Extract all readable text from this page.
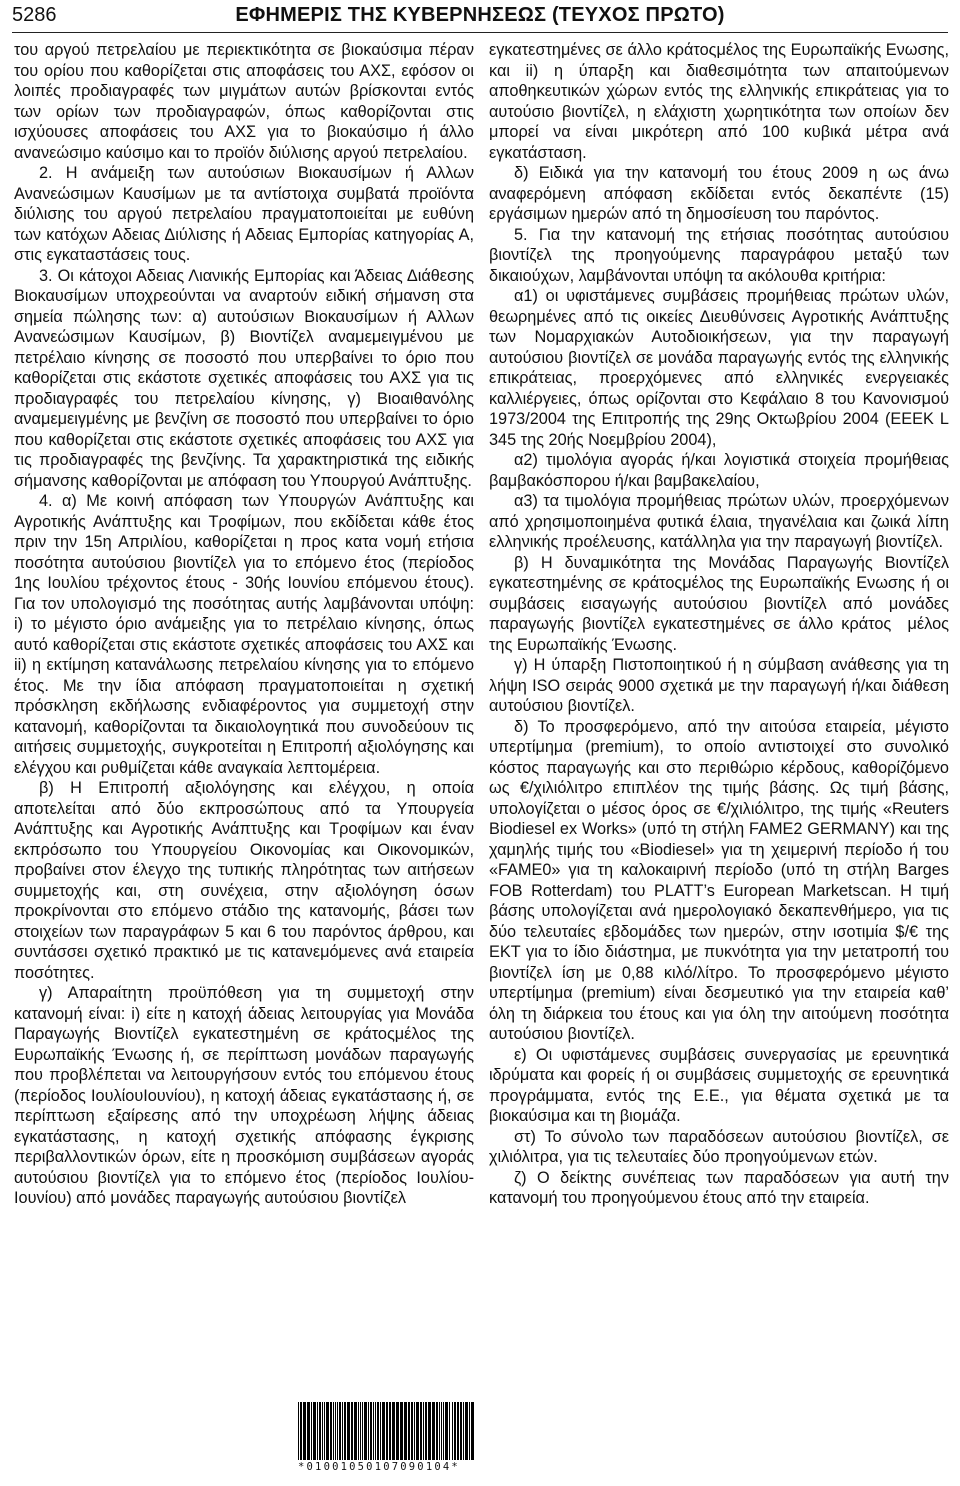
5286	ΕΦΗΜΕΡΙΣ ΤΗΣ ΚΥΒΕΡΝΗΣΕΩΣ (ΤΕΥΧΟΣ ΠΡΩΤΟ)

του αργού πετρελαίου με περιεκτικότητα σε βιοκαύσιμα πέραν του ορίου που καθορίζεται στις αποφάσεις του ΑΧΣ, εφόσον οι λοιπές προδιαγραφές των μιγμάτων αυτών βρίσκονται εντός των ορίων των προδιαγραφών, όπως καθορίζονται στις ισχύουσες αποφάσεις του ΑΧΣ για το βιοκαύσιμο ή άλλο ανανεώσιμο καύσιμο και το προϊόν διύλισης αργού πετρελαίου.

2. Η ανάμειξη των αυτούσιων Βιοκαυσίμων ή Αλλων Ανανεώσιμων Καυσίμων με τα αντίστοιχα συμβατά προϊόντα διύλισης του αργού πετρελαίου πραγματοποιείται με ευθύνη των κατόχων Αδειας Διύλισης ή Αδειας Εμπορίας κατηγορίας Α, στις εγκαταστάσεις τους.

3. Οι κάτοχοι Αδειας Λιανικής Εμπορίας και Άδειας Διάθεσης Βιοκαυσίμων υποχρεούνται να αναρτούν ειδική σήμανση στα σημεία πώλησης των: α) αυτούσιων Βιοκαυσίμων ή Αλλων Ανανεώσιμων Καυσίμων, β) Βιοντίζελ αναμεμειγμένου με πετρέλαιο κίνησης σε ποσοστό που υπερβαίνει το όριο που καθορίζεται στις εκάστοτε σχετικές αποφάσεις του ΑΧΣ για τις προδιαγραφές του πετρελαίου κίνησης, γ) Βιοαιθανόλης αναμεμειγμένης με βενζίνη σε ποσοστό που υπερβαίνει το όριο που καθορίζεται στις εκάστοτε σχετικές αποφάσεις του ΑΧΣ για τις προδιαγραφές της βενζίνης. Τα χαρακτηριστικά της ειδικής σήμανσης καθορίζονται με απόφαση του Υπουργού Ανάπτυξης.

4. α) Με κοινή απόφαση των Υπουργών Ανάπτυξης και Αγροτικής Ανάπτυξης και Τροφίμων, που εκδίδεται κάθε έτος πριν την 15η Απριλίου, καθορίζεται η προς κατα νομή ετήσια ποσότητα αυτούσιου βιοντίζελ για το επόμενο έτος (περίοδος 1ης Ιουλίου τρέχοντος έτους - 30ής Ιουνίου επόμενου έτους). Για τον υπολογισμό της ποσότητας αυτής λαμβάνονται υπόψη: i) το μέγιστο όριο ανάμειξης για το πετρέλαιο κίνησης, όπως αυτό καθορίζεται στις εκάστοτε σχετικές αποφάσεις του ΑΧΣ και ii) η εκτίμηση κατανάλωσης πετρελαίου κίνησης για το επόμενο έτος. Με την ίδια απόφαση πραγματοποιείται η σχετική πρόσκληση εκδήλωσης ενδιαφέροντος για συμμετοχή στην κατανομή, καθορίζονται τα δικαιολογητικά που συνοδεύουν τις αιτήσεις συμμετοχής, συγκροτείται η Επιτροπή αξιολόγησης και ελέγχου και ρυθμίζεται κάθε αναγκαία λεπτομέρεια.

β) Η Επιτροπή αξιολόγησης και ελέγχου, η οποία αποτελείται από δύο εκπροσώπους από τα Υπουργεία Ανάπτυξης και Αγροτικής Ανάπτυξης και Τροφίμων και έναν εκπρόσωπο του Υπουργείου Οικονομίας και Οικονομικών, προβαίνει στον έλεγχο της τυπικής πληρότητας των αιτήσεων συμμετοχής και, στη συνέχεια, στην αξιολόγηση όσων προκρίνονται στο επόμενο στάδιο της κατανομής, βάσει των στοιχείων των παραγράφων 5 και 6 του παρόντος άρθρου, και συντάσσει σχετικό πρακτικό με τις κατανεμόμενες ανά εταιρεία ποσότητες.

γ) Απαραίτητη προϋπόθεση για τη συμμετοχή στην κατανομή είναι: i) είτε η κατοχή άδειας λειτουργίας για Μονάδα Παραγωγής Βιοντίζελ εγκατεστημένη σε κράτοςμέλος της Ευρωπαϊκής Ένωσης ή, σε περίπτωση μονάδων παραγωγής που προβλέπεται να λειτουργήσουν εντός του επόμενου έτους (περίοδος ΙουλίουΙουνίου), η κατοχή άδειας εγκατάστασης ή, σε περίπτωση εξαίρεσης από την υποχρέωση λήψης άδειας εγκατάστασης, η κατοχή σχετικής απόφασης έγκρισης περιβαλλοντικών όρων, είτε η προσκόμιση συμβάσεων αγοράς αυτούσιου βιοντίζελ για το επόμενο έτος (περίοδος ΙουλίουΙουνίου) από μονάδες παραγωγής αυτούσιου βιοντίζελ

εγκατεστημένες σε άλλο κράτοςμέλος της Ευρωπαϊκής Ενωσης, και ii) η ύπαρξη και διαθεσιμότητα των απαιτούμενων αποθηκευτικών χώρων εντός της ελληνικής επικράτειας για το αυτούσιο βιοντίζελ, η ελάχιστη χωρητικότητα των οποίων δεν μπορεί να είναι μικρότερη από 100 κυβικά μέτρα ανά εγκατάσταση.

δ) Ειδικά για την κατανομή του έτους 2009 η ως άνω αναφερόμενη απόφαση εκδίδεται εντός δεκαπέντε (15) εργάσιμων ημερών από τη δημοσίευση του παρόντος.

5. Για την κατανομή της ετήσιας ποσότητας αυτούσιου βιοντίζελ της προηγούμενης παραγράφου μεταξύ των δικαιούχων, λαμβάνονται υπόψη τα ακόλουθα κριτήρια:

α1) οι υφιστάμενες συμβάσεις προμήθειας πρώτων υλών, θεωρημένες από τις οικείες Διευθύνσεις Αγροτικής Ανάπτυξης των Νομαρχιακών Αυτοδιοικήσεων, για την παραγωγή αυτούσιου βιοντίζελ σε μονάδα παραγωγής εντός της ελληνικής επικράτειας, προερχόμενες από ελληνικές ενεργειακές καλλιέργειες, όπως ορίζονται στο Κεφάλαιο 8 του Κανονισμού 1973/2004 της Επιτροπής της 29ης Οκτωβρίου 2004 (ΕΕΕΚ L 345 της 20ής Νοεμβρίου 2004),

α2) τιμολόγια αγοράς ή/και λογιστικά στοιχεία προμήθειας βαμβακόσπορου ή/και βαμβακελαίου,

α3) τα τιμολόγια προμήθειας πρώτων υλών, προερχόμενων από χρησιμοποιημένα φυτικά έλαια, τηγανέλαια και ζωικά λίπη ελληνικής προέλευσης, κατάλληλα για την παραγωγή βιοντίζελ.

β) Η δυναμικότητα της Μονάδας Παραγωγής Βιοντίζελ εγκατεστημένης σε κράτοςμέλος της Ευρωπαϊκής Ενωσης ή οι συμβάσεις εισαγωγής αυτούσιου βιοντίζελ από μονάδες παραγωγής βιοντίζελ εγκατεστημένες σε άλλο κράτος μέλος της Ευρωπαϊκής Ένωσης.

γ) Η ύπαρξη Πιστοποιητικού ή η σύμβαση ανάθεσης για τη λήψη ISO σειράς 9000 σχετικά με την παραγωγή ή/και διάθεση αυτούσιου βιοντίζελ.

δ) Το προσφερόμενο, από την αιτούσα εταιρεία, μέγιστο υπερτίμημα (premium), το οποίο αντιστοιχεί στο συνολικό κόστος παραγωγής και στο περιθώριο κέρδους, καθορίζόμενο ως €/χιλιόλιτρο επιπλέον της τιμής βάσης. Ως τιμή βάσης, υπολογίζεται ο μέσος όρος σε €/χιλιόλιτρο, της τιμής «Reuters Biodiesel ex Works» (υπό τη στήλη FAME2 GERMANY) και της χαμηλής τιμής του «Biodiesel» για τη χειμερινή περίοδο ή του «FAME0» για τη καλοκαιρινή περίοδο (υπό τη στήλη Barges FOB Rotterdam) του PLATT’s European Marketscan. Η τιμή βάσης υπολογίζεται ανά ημερολογιακό δεκαπενθήμερο, για τις δύο τελευταίες εβδομάδες των ημερών, στην ισοτιμία $/€ της ΕΚΤ για το ίδιο διάστημα, με πυκνότητα για την μετατροπή του βιοντίζελ ίση με 0,88 κιλό/λίτρο. Το προσφερόμενο μέγιστο υπερτίμημα (premium) είναι δεσμευτικό για την εταιρεία καθ’ όλη τη διάρκεια του έτους και για όλη την αιτούμενη ποσότητα αυτούσιου βιοντίζελ.

ε) Οι υφιστάμενες συμβάσεις συνεργασίας με ερευνητικά ιδρύματα και φορείς ή οι συμβάσεις συμμετοχής σε ερευνητικά προγράμματα, εντός της Ε.Ε., για θέματα σχετικά με τα βιοκαύσιμα και τη βιομάζα.

στ) Το σύνολο των παραδόσεων αυτούσιου βιοντίζελ, σε χιλιόλιτρα, για τις τελευταίες δύο προηγούμενων ετών.

ζ) Ο δείκτης συνέπειας των παραδόσεων για αυτή την κατανομή του προηγούμενου έτους από την εταιρεία.

*01001050107090104*
